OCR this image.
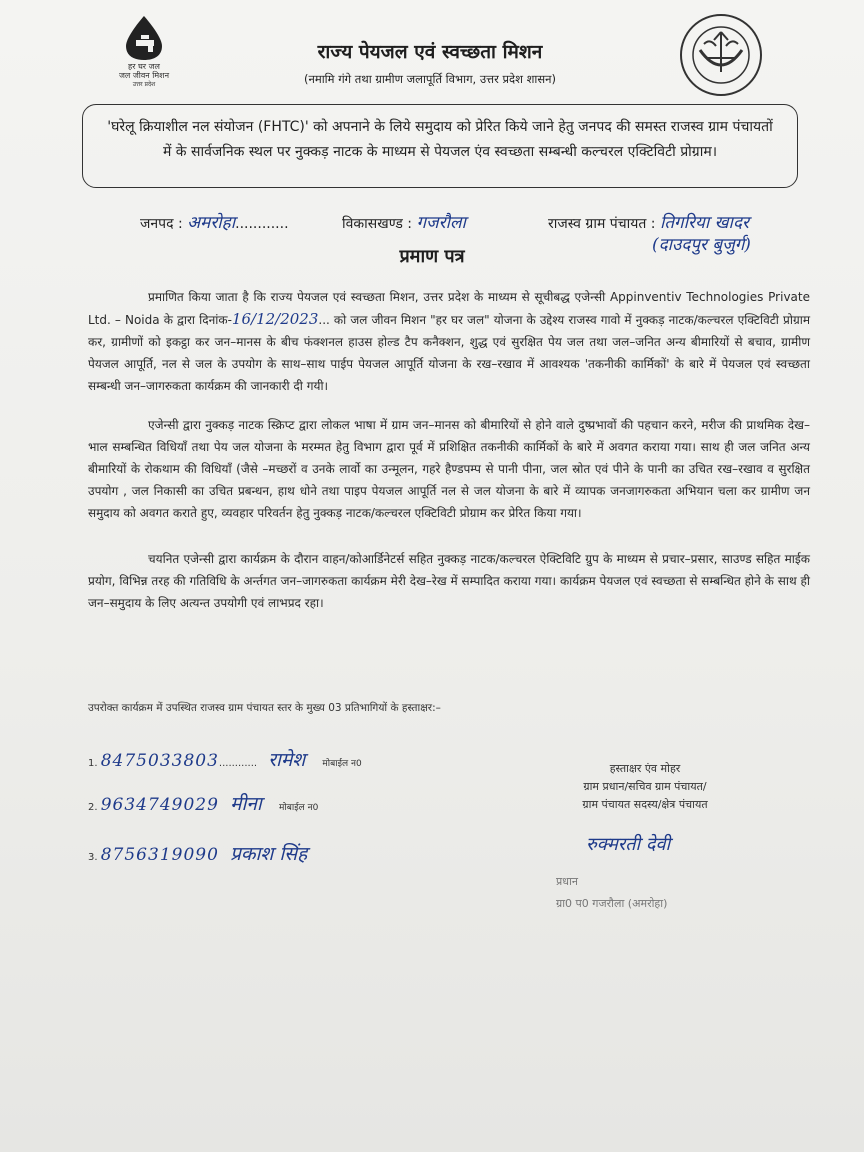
हर घर जल
जल जीवन मिशन
उत्तर प्रदेश
राज्य पेयजल एवं स्वच्छता मिशन
(नमामि गंगे तथा ग्रामीण जलापूर्ति विभाग, उत्तर प्रदेश शासन)
'घरेलू क्रियाशील नल संयोजन (FHTC)' को अपनाने के लिये समुदाय को प्रेरित किये जाने हेतु जनपद की समस्त राजस्व ग्राम पंचायतों में के सार्वजनिक स्थल पर नुक्कड़ नाटक के माध्यम से पेयजल एंव स्वच्छता सम्बन्धी कल्चरल एक्टिविटी प्रोग्राम।
जनपद : अमरोहा............	विकासखण्ड : गजरौला	राजस्व ग्राम पंचायत : तिगरिया खादर
(दाउदपुर बुजुर्ग)
प्रमाण पत्र
प्रमाणित किया जाता है कि राज्य पेयजल एवं स्वच्छता मिशन, उत्तर प्रदेश के माध्यम से सूचीबद्ध एजेन्सी Appinventiv Technologies Private Ltd. – Noida के द्वारा दिनांक-16/12/2023... को जल जीवन मिशन "हर घर जल" योजना के उद्देश्य राजस्व गावो में नुक्कड़ नाटक/कल्चरल एक्टिविटी प्रोग्राम कर, ग्रामीणों को इकट्ठा कर जन–मानस के बीच फंक्शनल हाउस होल्ड टैप कनैक्शन, शुद्ध एवं सुरक्षित पेय जल तथा जल–जनित अन्य बीमारियों से बचाव, ग्रामीण पेयजल आपूर्ति, नल से जल के उपयोग के साथ–साथ पाईप पेयजल आपूर्ति योजना के रख–रखाव में आवश्यक 'तकनीकी कार्मिकों' के बारे में पेयजल एवं स्वच्छता सम्बन्धी जन–जागरुकता कार्यक्रम की जानकारी दी गयी।
एजेन्सी द्वारा नुक्कड़ नाटक स्क्रिप्ट द्वारा लोकल भाषा में ग्राम जन–मानस को बीमारियों से होने वाले दुष्प्रभावों की पहचान करने, मरीज की प्राथमिक देख–भाल सम्बन्धित विधियाँ तथा पेय जल योजना के मरम्मत हेतु विभाग द्वारा पूर्व में प्रशिक्षित तकनीकी कार्मिकों के बारे में अवगत कराया गया। साथ ही जल जनित अन्य बीमारियों के रोकथाम की विधियाँ (जैसे –मच्छरों व उनके लार्वो का उन्मूलन, गहरे हैण्डपम्प से पानी पीना, जल स्रोत एवं पीने के पानी का उचित रख–रखाव व सुरक्षित उपयोग , जल निकासी का उचित प्रबन्धन, हाथ धोने तथा पाइप पेयजल आपूर्ति नल से जल योजना के बारे में व्यापक जनजागरुकता अभियान चला कर ग्रामीण जन समुदाय को अवगत कराते हुए, व्यवहार परिवर्तन हेतु नुक्कड़ नाटक/कल्चरल एक्टिविटी प्रोग्राम कर प्रेरित किया गया।
चयनित एजेन्सी द्वारा कार्यक्रम के दौरान वाहन/कोआर्डिनेटर्स सहित नुक्कड़ नाटक/कल्चरल ऐक्टिविटि ग्रुप के माध्यम से प्रचार–प्रसार, साउण्ड सहित माईक प्रयोग, विभिन्न तरह की गतिविधि के अर्न्तगत जन–जागरुकता कार्यक्रम मेरी देख–रेख में सम्पादित कराया गया। कार्यक्रम पेयजल एवं स्वच्छता से सम्बन्धित होने के साथ ही जन–समुदाय के लिए अत्यन्त उपयोगी एवं लाभप्रद रहा।
उपरोक्त कार्यक्रम में उपस्थित राजस्व ग्राम पंचायत स्तर के मुख्य 03 प्रतिभागियों के हस्ताक्षर:–
1. 8475033803............ रामेश मोबाईल न0
2. 9634749029 मीना मोबाईल न0
3. 8756319090 प्रकाश सिंह
हस्ताक्षर एंव मोहर
ग्राम प्रधान/सचिव ग्राम पंचायत/
ग्राम पंचायत सदस्य/क्षेत्र पंचायत
रुक्मरती देवी
प्रधान
ग्रा0 प0 गजरौला (अमरोहा)
